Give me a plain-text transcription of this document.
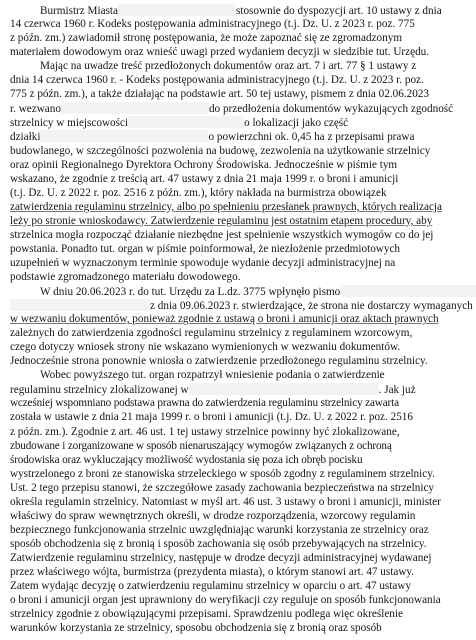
Burmistrz Miasta	stosownie do dyspozycji art. 10 ustawy z dnia
14 czerwca 1960 r. Kodeks postępowania administracyjnego (t.j. Dz. U. z 2023 r. poz. 775
z późn. zm.) zawiadomił stronę postępowania, że może zapoznać się ze zgromadzonym
materiałem dowodowym oraz wnieść uwagi przed wydaniem decyzji w siedzibie tut. Urzędu.
Mając na uwadze treść przedłożonych dokumentów oraz art. 7 i art. 77 § 1 ustawy z
dnia 14 czerwca 1960 r. - Kodeks postępowania administracyjnego (t.j. Dz. U. z 2023 r. poz.
775 z późn. zm.), a także działając na podstawie art. 50 tej ustawy, pismem z dnia 02.06.2023
r. wezwano	do przedłożenia dokumentów wykazujących zgodność
strzelnicy w miejscowości	o lokalizacji jako część
działki	o powierzchni ok. 0,45 ha z przepisami prawa
budowlanego, w szczególności pozwolenia na budowę, zezwolenia na użytkowanie strzelnicy
oraz opinii Regionalnego Dyrektora Ochrony Środowiska. Jednocześnie w piśmie tym
wskazano, że zgodnie z treścią art. 47 ustawy z dnia 21 maja 1999 r. o broni i amunicji
(t.j. Dz. U. z 2022 r. poz. 2516 z późn. zm.), który nakłada na burmistrza obowiązek
zatwierdzenia regulaminu strzelnicy, albo po spełnieniu przesłanek prawnych, których realizacja
leży po stronie wnioskodawcy. Zatwierdzenie regulaminu jest ostatnim etapem procedury, aby
strzelnica mogła rozpocząć działanie niezbędne jest spełnienie wszystkich wymogów co do jej
powstania. Ponadto tut. organ w piśmie poinformował, że niezłożenie przedmiotowych
uzupełnień w wyznaczonym terminie spowoduje wydanie decyzji administracyjnej na
podstawie zgromadzonego materiału dowodowego.
W dniu 20.06.2023 r. do tut. Urzędu za L.dz. 3775 wpłynęło pismo
z dnia 09.06.2023 r. stwierdzające, że strona nie dostarczy wymaganych
w wezwaniu dokumentów, ponieważ zgodnie z ustawą o broni i amunicji oraz aktach prawnych
zależnych do zatwierdzenia zgodności regulaminu strzelnicy z regulaminem wzorcowym,
czego dotyczy wniosek strony nie wskazano wymienionych w wezwaniu dokumentów.
Jednocześnie strona ponownie wniosła o zatwierdzenie przedłożonego regulaminu strzelnicy.
Wobec powyższego tut. organ rozpatrzył wniesienie podania o zatwierdzenie
regulaminu strzelnicy zlokalizowanej w	. Jak już
wcześniej wspomniano podstawa prawna do zatwierdzenia regulaminu strzelnicy zawarta
została w ustawie z dnia 21 maja 1999 r. o broni i amunicji (t.j. Dz. U. z 2022 r. poz. 2516
z późn. zm.). Zgodnie z art. 46 ust. 1 tej ustawy strzelnice powinny być zlokalizowane,
zbudowane i zorganizowane w sposób nienaruszający wymogów związanych z ochroną
środowiska oraz wykluczający możliwość wydostania się poza ich obręb pocisku
wystrzelonego z broni ze stanowiska strzeleckiego w sposób zgodny z regulaminem strzelnicy.
Ust. 2 tego przepisu stanowi, że szczegółowe zasady zachowania bezpieczeństwa na strzelnicy
określa regulamin strzelnicy. Natomiast w myśl art. 46 ust. 3 ustawy o broni i amunicji, minister
właściwy do spraw wewnętrznych określi, w drodze rozporządzenia, wzorcowy regulamin
bezpiecznego funkcjonowania strzelnic uwzględniając warunki korzystania ze strzelnicy oraz
sposób obchodzenia się z bronią i sposób zachowania się osób przebywających na strzelnicy.
Zatwierdzenie regulaminu strzelnicy, następuje w drodze decyzji administracyjnej wydawanej
przez właściwego wójta, burmistrza (prezydenta miasta), o którym stanowi art. 47 ustawy.
Zatem wydając decyzję o zatwierdzeniu regulaminu strzelnicy w oparciu o art. 47 ustawy
o broni i amunicji organ jest uprawniony do weryfikacji czy reguluje on sposób funkcjonowania
strzelnicy zgodnie z obowiązującymi przepisami. Sprawdzeniu podlega więc określenie
warunków korzystania ze strzelnicy, sposobu obchodzenia się z bronią oraz sposób
